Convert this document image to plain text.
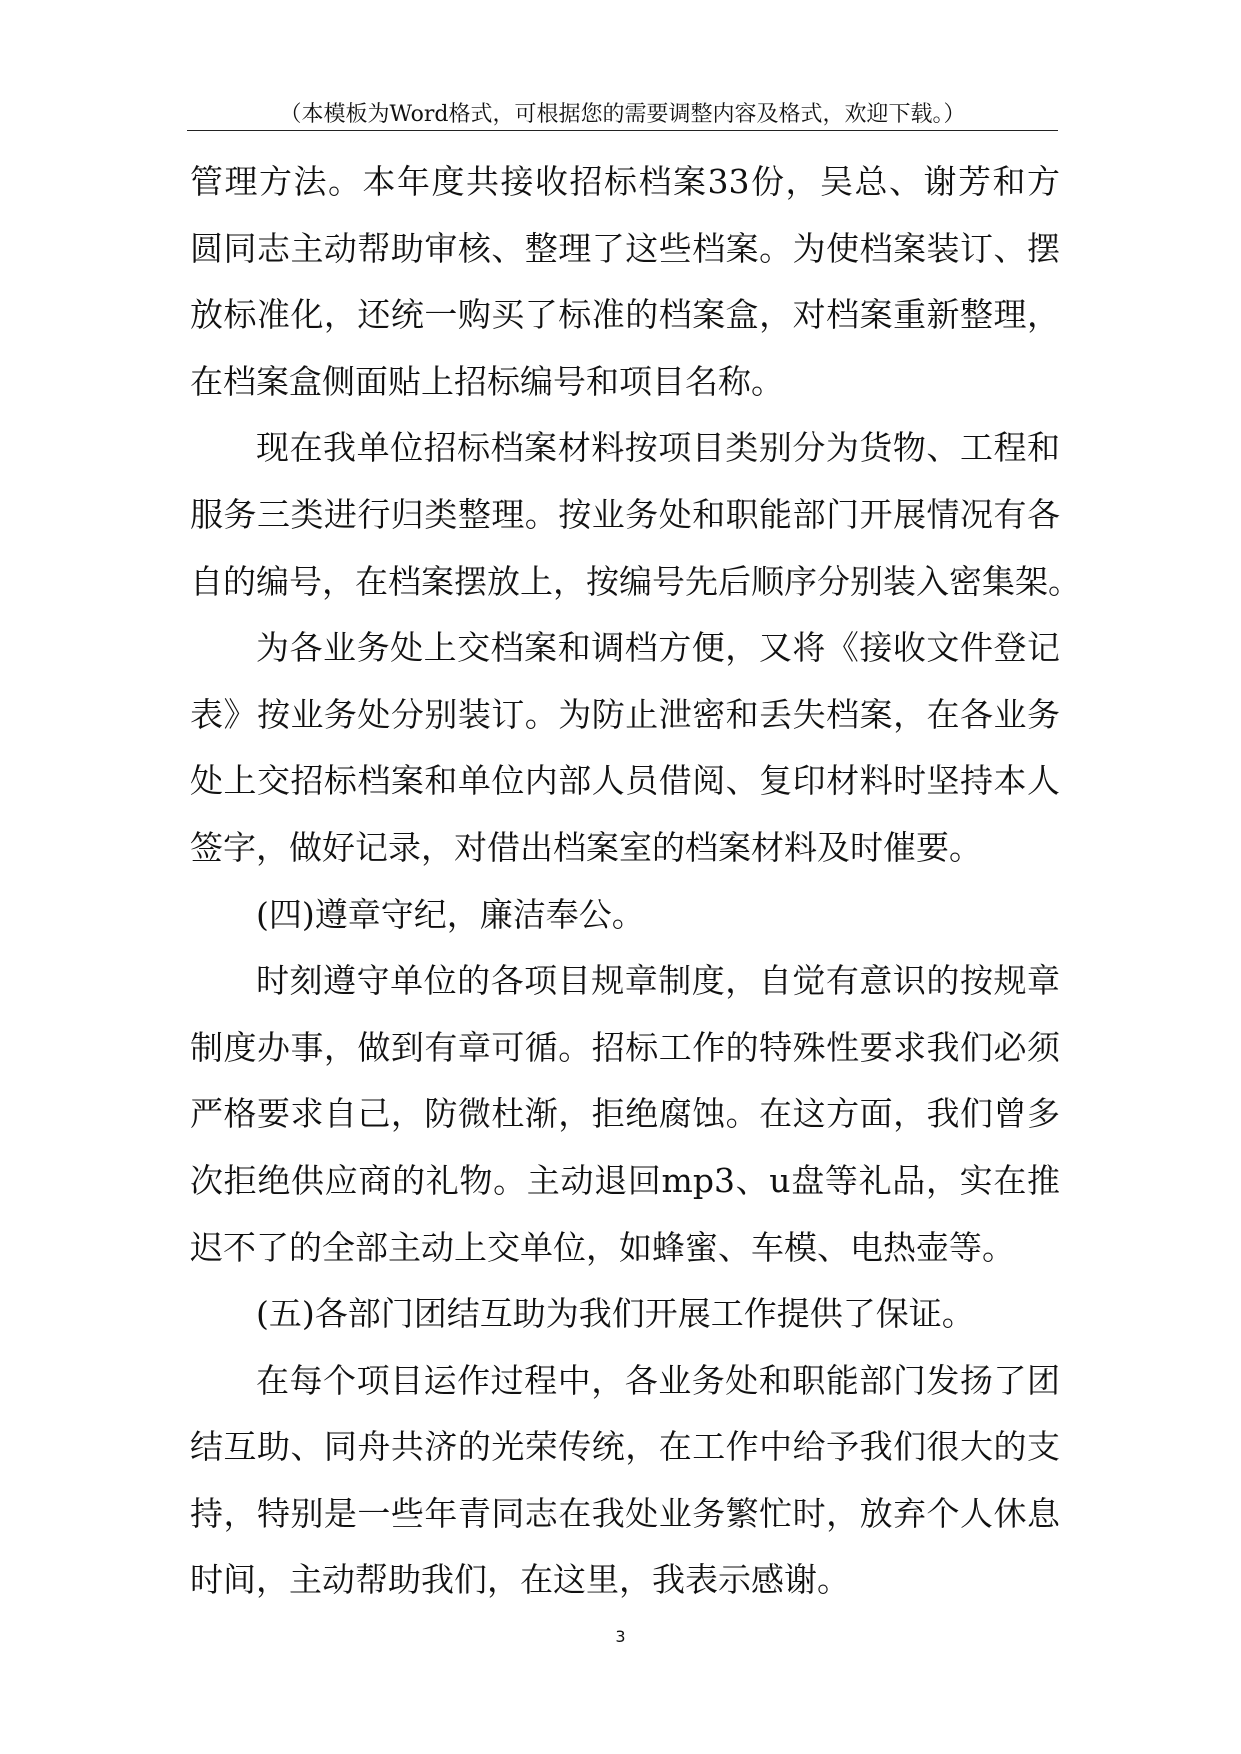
（本模板为Word格式，可根据您的需要调整内容及格式，欢迎下载。）
管理方法。本年度共接收招标档案33份，吴总、谢芳和方
圆同志主动帮助审核、整理了这些档案。为使档案装订、摆
放标准化，还统一购买了标准的档案盒，对档案重新整理，
在档案盒侧面贴上招标编号和项目名称。
现在我单位招标档案材料按项目类别分为货物、工程和
服务三类进行归类整理。按业务处和职能部门开展情况有各
自的编号，在档案摆放上，按编号先后顺序分别装入密集架。
为各业务处上交档案和调档方便，又将《接收文件登记
表》按业务处分别装订。为防止泄密和丢失档案，在各业务
处上交招标档案和单位内部人员借阅、复印材料时坚持本人
签字，做好记录，对借出档案室的档案材料及时催要。
(四)遵章守纪，廉洁奉公。
时刻遵守单位的各项目规章制度，自觉有意识的按规章
制度办事，做到有章可循。招标工作的特殊性要求我们必须
严格要求自己，防微杜渐，拒绝腐蚀。在这方面，我们曾多
次拒绝供应商的礼物。主动退回mp3、u盘等礼品，实在推
迟不了的全部主动上交单位，如蜂蜜、车模、电热壶等。
(五)各部门团结互助为我们开展工作提供了保证。
在每个项目运作过程中，各业务处和职能部门发扬了团
结互助、同舟共济的光荣传统，在工作中给予我们很大的支
持，特别是一些年青同志在我处业务繁忙时，放弃个人休息
时间，主动帮助我们，在这里，我表示感谢。
3
